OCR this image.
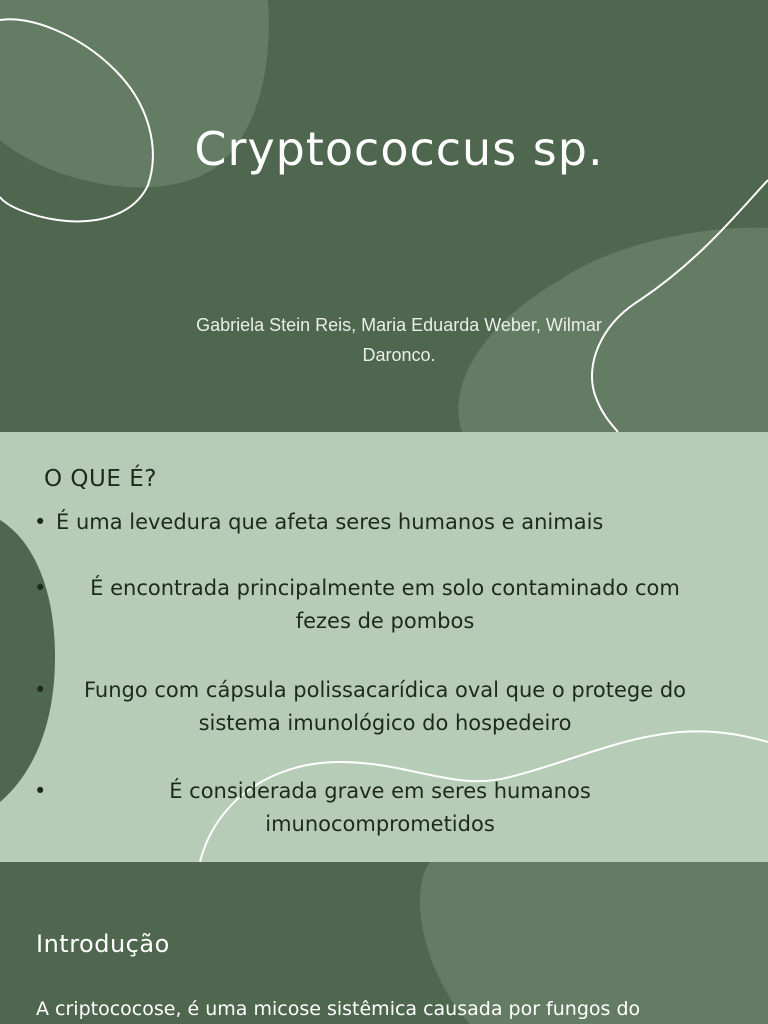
Cryptococcus sp.

Gabriela Stein Reis, Maria Eduarda Weber, Wilmar Daronco.

O QUE É?
• É uma levedura que afeta seres humanos e animais
•	É encontrada principalmente em solo contaminado com fezes de pombos
•	Fungo com cápsula polissacarídica oval que o protege do sistema imunológico do hospedeiro
•	É considerada grave em seres humanos imunocomprometidos
Introdução

A criptococose, é uma micose sistêmica causada por fungos do
